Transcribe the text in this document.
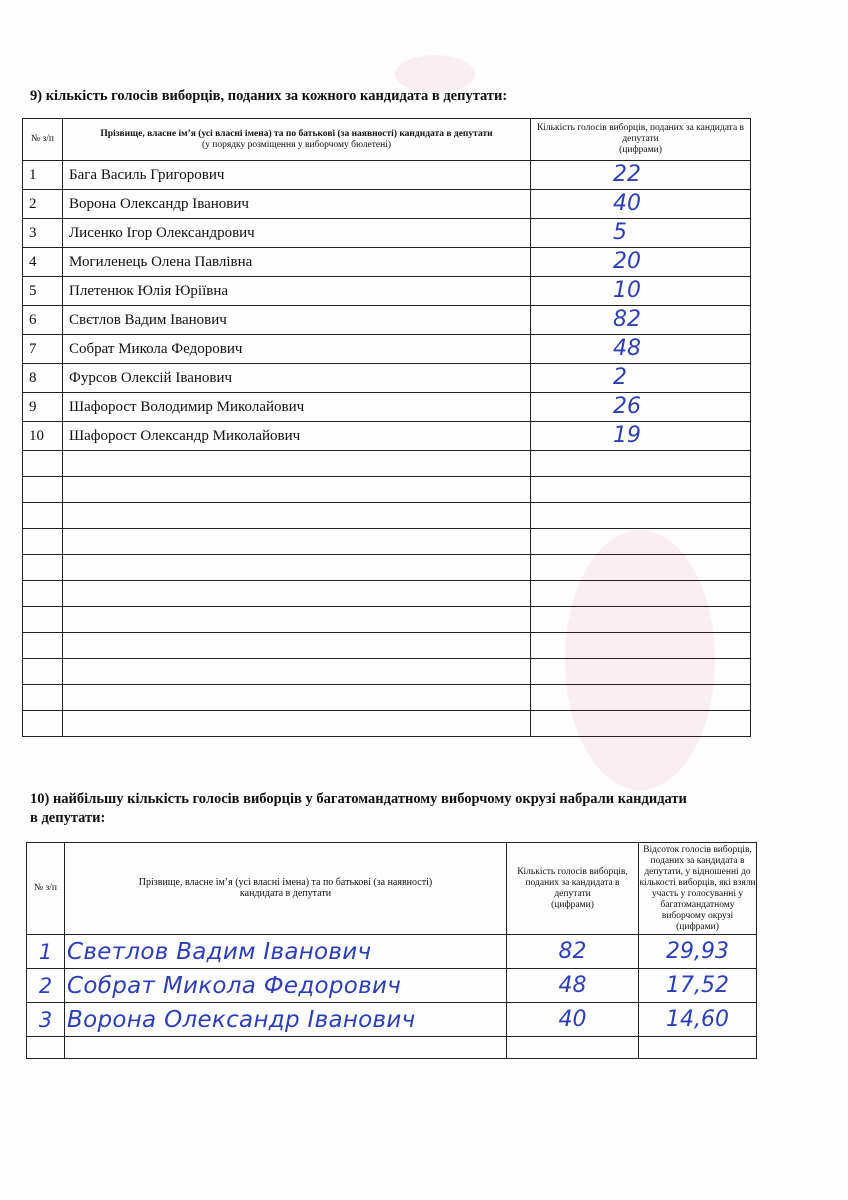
9) кількість голосів виборців, поданих за кожного кандидата в депутати:
№ з/п	Прізвище, власне ім’я (усі власні імена) та по батькові (за наявності) кандидата в депутати
(у порядку розміщення у виборчому бюлетені)	Кількість голосів виборців, поданих за кандидата в депутати
(цифрами)
1	Бага Василь Григорович	22
2	Ворона Олександр Іванович	40
3	Лисенко Ігор Олександрович	5
4	Могиленець Олена Павлівна	20
5	Плетенюк Юлія Юріївна	10
6	Свєтлов Вадим Іванович	82
7	Собрат Микола Федорович	48
8	Фурсов Олексій Іванович	2
9	Шафорост Володимир Миколайович	26
10	Шафорост Олександр Миколайович	19

10) найбільшу кількість голосів виборців у багатомандатному виборчому окрузі набрали кандидати
в депутати:
№ з/п	Прізвище, власне ім’я (усі власні імена) та по батькові (за наявності) кандидата в депутати	Кількість голосів виборців, поданих за кандидата в депутати
(цифрами)	Відсоток голосів виборців, поданих за кандидата в депутати, у відношенні до кількості виборців, які взяли участь у голосуванні у багатомандатному виборчому окрузі
(цифрами)
1	Светлов Вадим Іванович	82	29,93
2	Собрат Микола Федорович	48	17,52
3	Ворона Олександр Іванович	40	14,60
